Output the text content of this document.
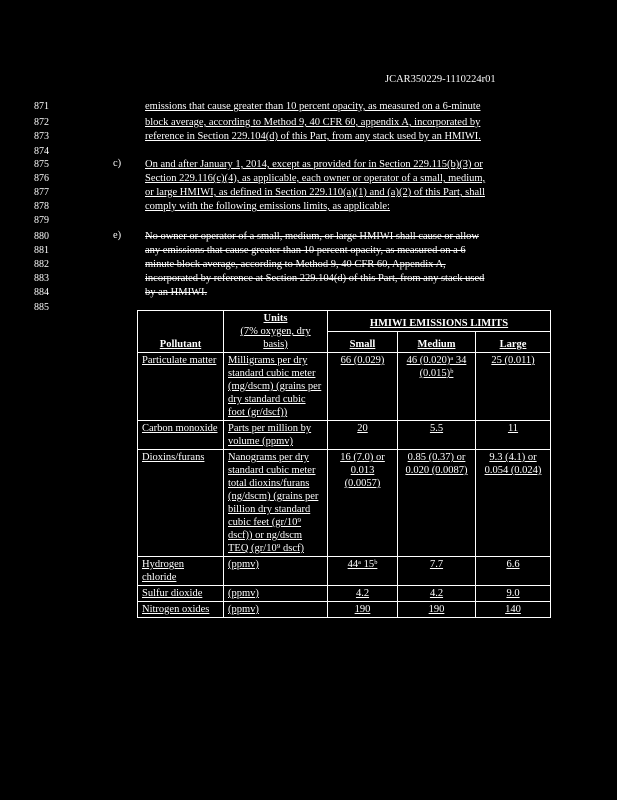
JCAR350229-1110224r01
871	emissions that cause greater than 10 percent opacity, as measured on a 6-minute
872	block average, according to Method 9, 40 CFR 60, appendix A, incorporated by
873	reference in Section 229.104(d) of this Part, from any stack used by an HMIWI.
874
875	On and after January 1, 2014, except as provided for in Section 229.115(b)(3) or
876	Section 229.116(c)(4), as applicable, each owner or operator of a small, medium,
877	or large HMIWI, as defined in Section 229.110(a)(1) and (a)(2) of this Part, shall
878	comply with the following emissions limits, as applicable:
879
880	No owner or operator of a small, medium, or large HMIWI shall cause or allow
881	any emissions that cause greater than 10 percent opacity, as measured on a 6
882	minute block average, according to Method 9, 40 CFR 60, Appendix A,
883	incorporated by reference at Section 229.104(d) of this Part, from any stack used
884	by an HMIWI.
885
c)
e)
Pollutant	Units
(7% oxygen, dry basis)	HMIWI EMISSIONS LIMITS		
		Small	Medium	Large
Particulate matter	Milligrams per dry standard cubic meter (mg/dscm) (grains per dry standard cubic foot (gr/dscf))	66 (0.029)	46 (0.020)ᵃ 34 (0.015)ᵇ	25 (0.011)
Carbon monoxide	Parts per million by volume (ppmv)	20	5.5	11
Dioxins/furans	Nanograms per dry standard cubic meter total dioxins/furans (ng/dscm) (grains per billion dry standard cubic feet (gr/10⁹ dscf)) or ng/dscm TEQ (gr/10⁹ dscf)	16 (7.0) or 0.013 (0.0057)	0.85 (0.37) or 0.020 (0.0087)	9.3 (4.1) or 0.054 (0.024)
Hydrogen chloride	(ppmv)	44ᵃ 15ᵇ	7.7	6.6
Sulfur dioxide	(ppmv)	4.2	4.2	9.0
Nitrogen oxides	(ppmv)	190	190	140
